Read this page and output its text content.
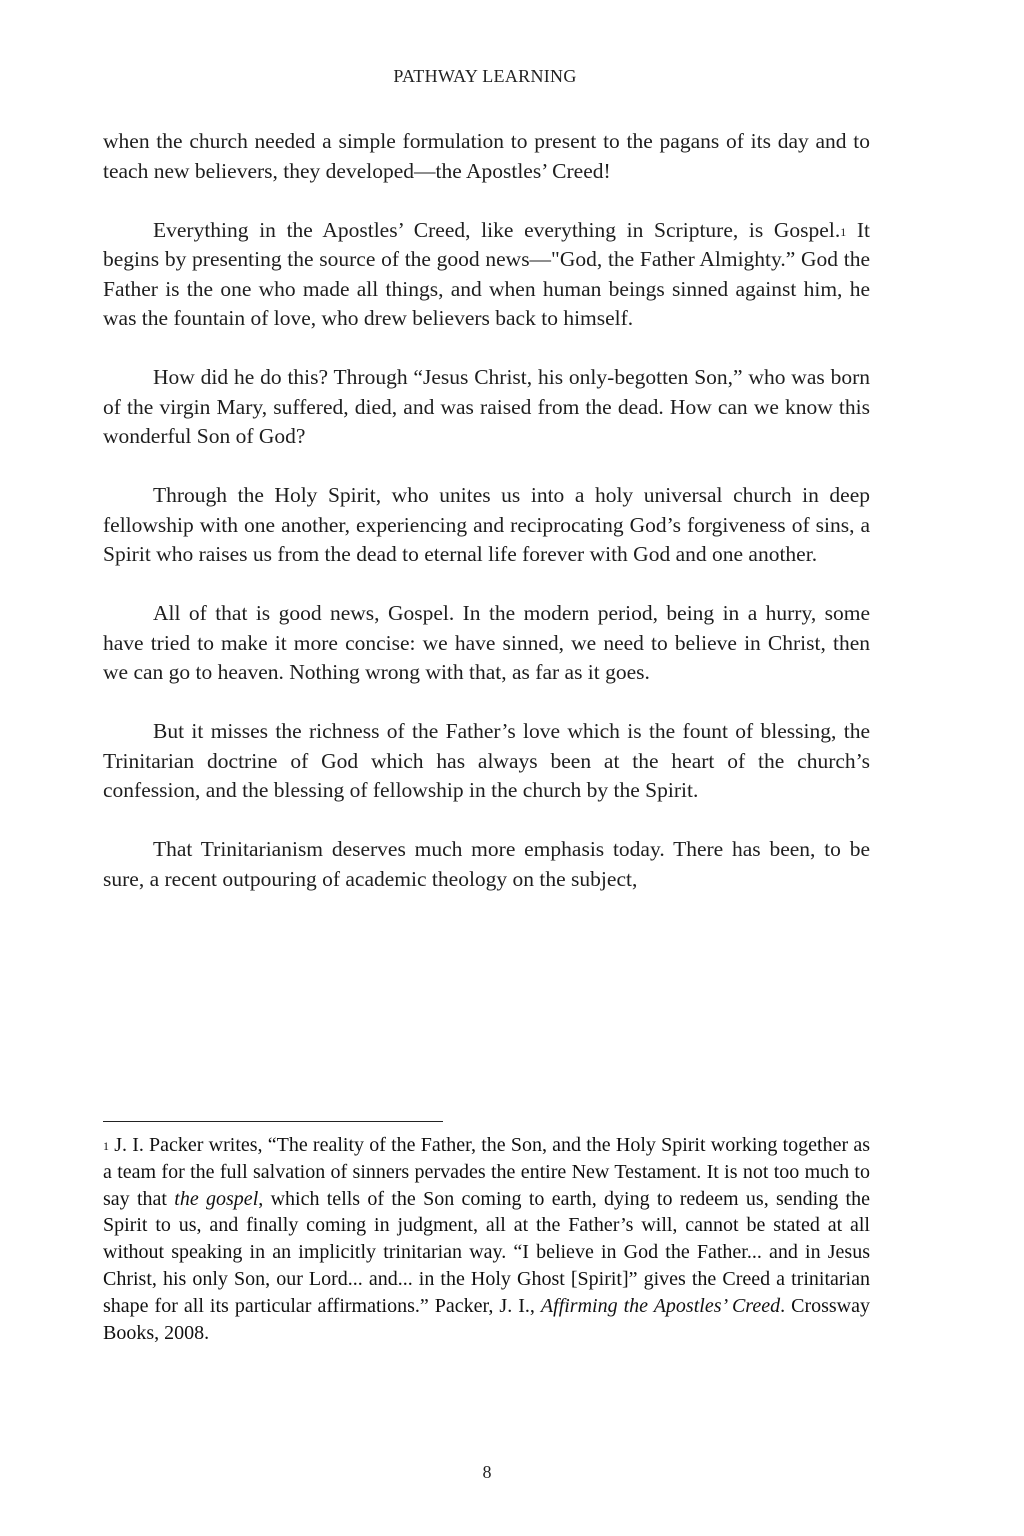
PATHWAY LEARNING

when the church needed a simple formulation to present to the pagans of its day and to teach new believers, they developed—the Apostles’ Creed!

Everything in the Apostles’ Creed, like everything in Scripture, is Gospel.$^1$ It begins by presenting the source of the good news—"God, the Father Almighty.” God the Father is the one who made all things, and when human beings sinned against him, he was the fountain of love, who drew believers back to himself.

How did he do this? Through “Jesus Christ, his only-begotten Son,” who was born of the virgin Mary, suffered, died, and was raised from the dead. How can we know this wonderful Son of God?

Through the Holy Spirit, who unites us into a holy universal church in deep fellowship with one another, experiencing and reciprocating God’s forgiveness of sins, a Spirit who raises us from the dead to eternal life forever with God and one another.

All of that is good news, Gospel. In the modern period, being in a hurry, some have tried to make it more concise: we have sinned, we need to believe in Christ, then we can go to heaven. Nothing wrong with that, as far as it goes.

But it misses the richness of the Father’s love which is the fount of blessing, the Trinitarian doctrine of God which has always been at the heart of the church’s confession, and the blessing of fellowship in the church by the Spirit.

That Trinitarianism deserves much more emphasis today. There has been, to be sure, a recent outpouring of academic theology on the subject,

$^1$ J. I. Packer writes, “The reality of the Father, the Son, and the Holy Spirit working together as a team for the full salvation of sinners pervades the entire New Testament. It is not too much to say that the gospel, which tells of the Son coming to earth, dying to redeem us, sending the Spirit to us, and finally coming in judgment, all at the Father’s will, cannot be stated at all without speaking in an implicitly trinitarian way. “I believe in God the Father... and in Jesus Christ, his only Son, our Lord... and... in the Holy Ghost [Spirit]” gives the Creed a trinitarian shape for all its particular affirmations.” Packer, J. I., Affirming the Apostles’ Creed. Crossway Books, 2008.

8
